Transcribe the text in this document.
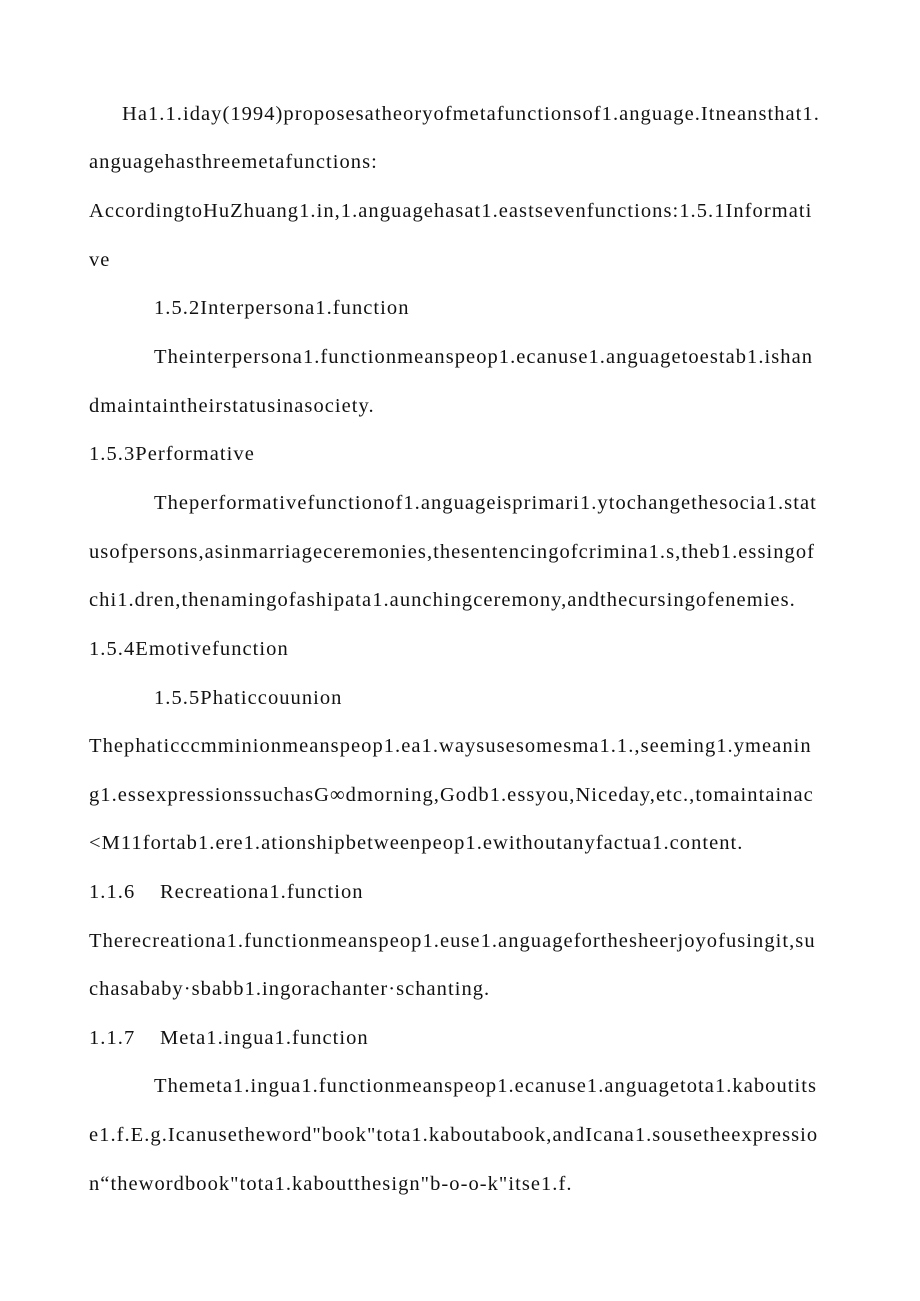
Ha1.1.iday(1994)proposesatheoryofmetafunctionsof1.anguage.Itneansthat1.

anguagehasthreemetafunctions:

AccordingtoHuZhuang1.in,1.anguagehasat1.eastsevenfunctions:1.5.1Informati

ve

1.5.2Interpersona1.function

Theinterpersona1.functionmeanspeop1.ecanuse1.anguagetoestab1.ishan

dmaintaintheirstatusinasociety.

1.5.3Performative

Theperformativefunctionof1.anguageisprimari1.ytochangethesocia1.stat

usofpersons,asinmarriageceremonies,thesentencingofcrimina1.s,theb1.essingof

chi1.dren,thenamingofashipata1.aunchingceremony,andthecursingofenemies.

1.5.4Emotivefunction

1.5.5Phaticcouunion

Thephaticccmminionmeanspeop1.ea1.waysusesomesma1.1.,seeming1.ymeanin

g1.essexpressionssuchasG∞dmorning,Godb1.essyou,Niceday,etc.,tomaintainac

<M11fortab1.ere1.ationshipbetweenpeop1.ewithoutanyfactua1.content.

1.1.6    Recreationa1.function

Therecreationa1.functionmeanspeop1.euse1.anguageforthesheerjoyofusingit,su

chasababy·sbabb1.ingorachanter·schanting.

1.1.7    Meta1.ingua1.function

Themeta1.ingua1.functionmeanspeop1.ecanuse1.anguagetota1.kaboutits

e1.f.E.g.Icanusetheword"book"tota1.kaboutabook,andIcana1.sousetheexpressio

n“thewordbook"tota1.kaboutthesign"b-o-o-k"itse1.f.
